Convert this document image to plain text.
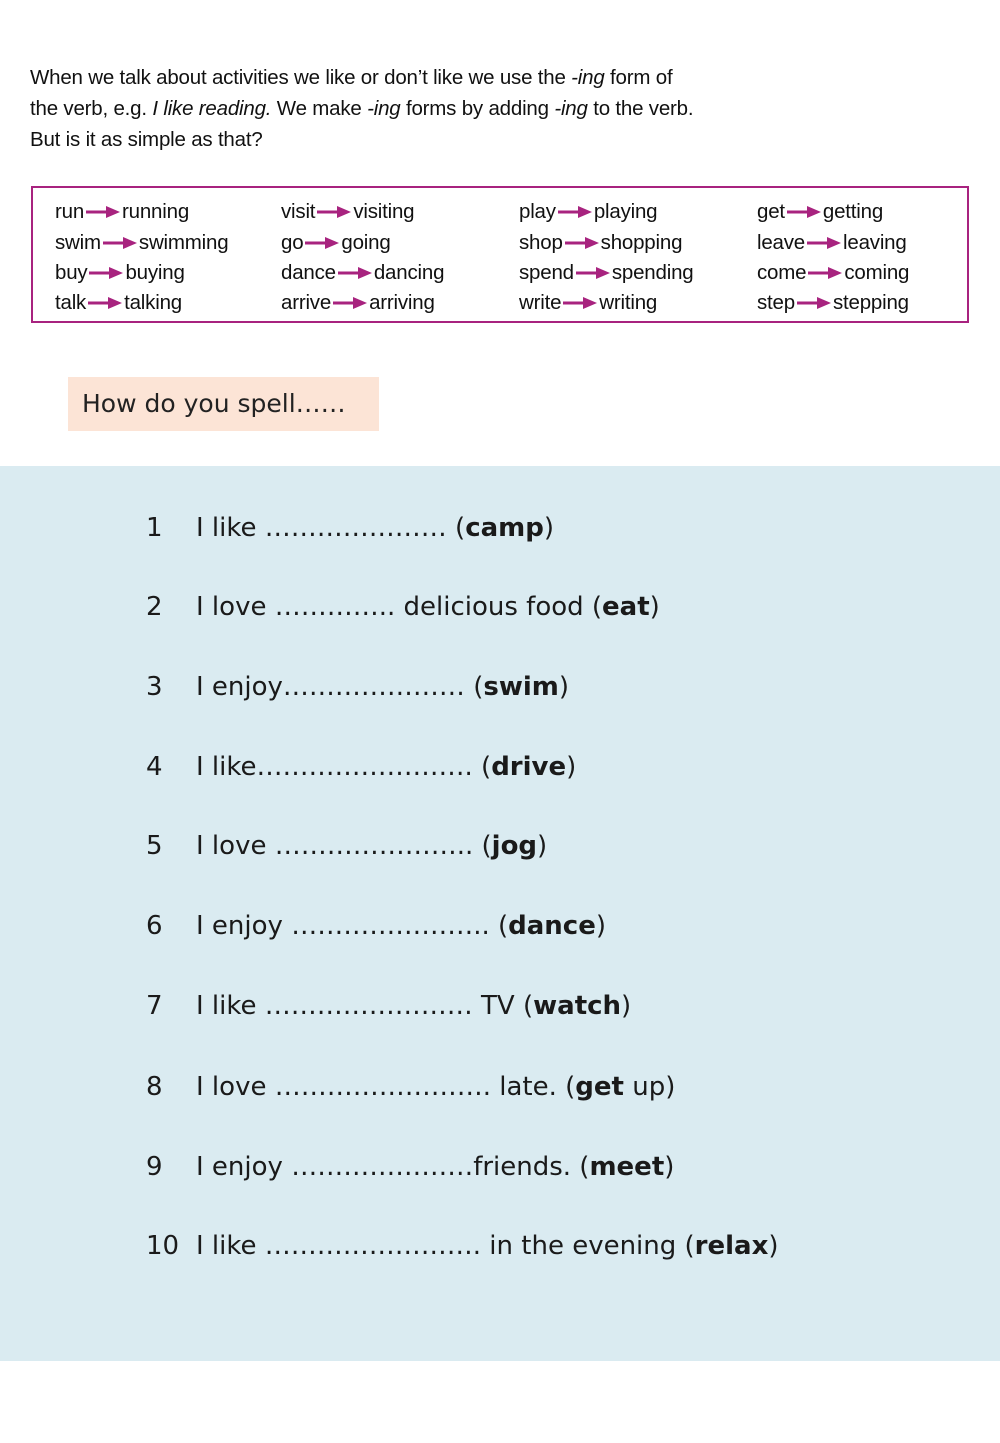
When we talk about activities we like or don’t like we use the -ing form of

the verb, e.g. I like reading. We make -ing forms by adding -ing to the verb.

But is it as simple as that?

run running	visit visiting	play playing	get getting
swim swimming	go going	shop shopping	leave leaving
buy buying	dance dancing	spend spending	come coming
talk talking	arrive arriving	write writing	step stepping
How do you spell……
1 I like ………………… (camp)
2 I love ………….. delicious food (eat)
3 I enjoy………………… (swim)
4 I like……………………. (drive)
5 I love ………………….. (jog)
6 I enjoy ………………….. (dance)
7 I like …………………… TV (watch)
8 I love ……………………. late. (get up)
9 I enjoy …………………friends. (meet)
10 I like ……………………. in the evening (relax)
